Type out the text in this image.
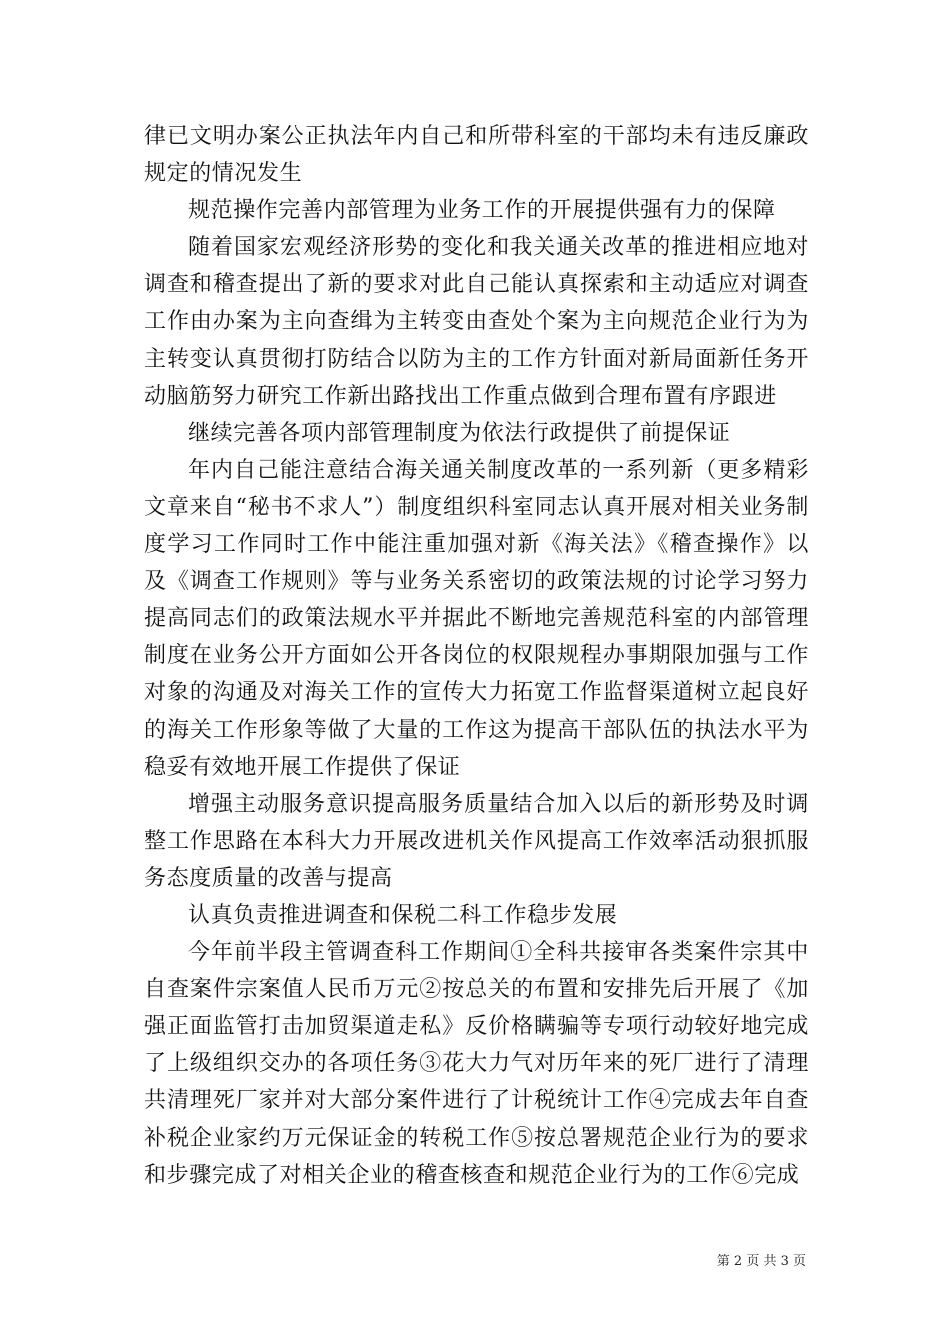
律已文明办案公正执法年内自己和所带科室的干部均未有违反廉政规定的情况发生

规范操作完善内部管理为业务工作的开展提供强有力的保障

随着国家宏观经济形势的变化和我关通关改革的推进相应地对调查和稽查提出了新的要求对此自己能认真探索和主动适应对调查工作由办案为主向查缉为主转变由查处个案为主向规范企业行为为主转变认真贯彻打防结合以防为主的工作方针面对新局面新任务开动脑筋努力研究工作新出路找出工作重点做到合理布置有序跟进

继续完善各项内部管理制度为依法行政提供了前提保证

年内自己能注意结合海关通关制度改革的一系列新（更多精彩文章来自“秘书不求人”）制度组织科室同志认真开展对相关业务制度学习工作同时工作中能注重加强对新《海关法》《稽查操作》以及《调查工作规则》等与业务关系密切的政策法规的讨论学习努力提高同志们的政策法规水平并据此不断地完善规范科室的内部管理制度在业务公开方面如公开各岗位的权限规程办事期限加强与工作对象的沟通及对海关工作的宣传大力拓宽工作监督渠道树立起良好的海关工作形象等做了大量的工作这为提高干部队伍的执法水平为稳妥有效地开展工作提供了保证

增强主动服务意识提高服务质量结合加入以后的新形势及时调整工作思路在本科大力开展改进机关作风提高工作效率活动狠抓服务态度质量的改善与提高

认真负责推进调查和保税二科工作稳步发展

今年前半段主管调查科工作期间①全科共接审各类案件宗其中自查案件宗案值人民币万元②按总关的布置和安排先后开展了《加强正面监管打击加贸渠道走私》反价格瞒骗等专项行动较好地完成了上级组织交办的各项任务③花大力气对历年来的死厂进行了清理共清理死厂家并对大部分案件进行了计税统计工作④完成去年自查补税企业家约万元保证金的转税工作⑤按总署规范企业行为的要求和步骤完成了对相关企业的稽查核查和规范企业行为的工作⑥完成

第 2 页 共 3 页
